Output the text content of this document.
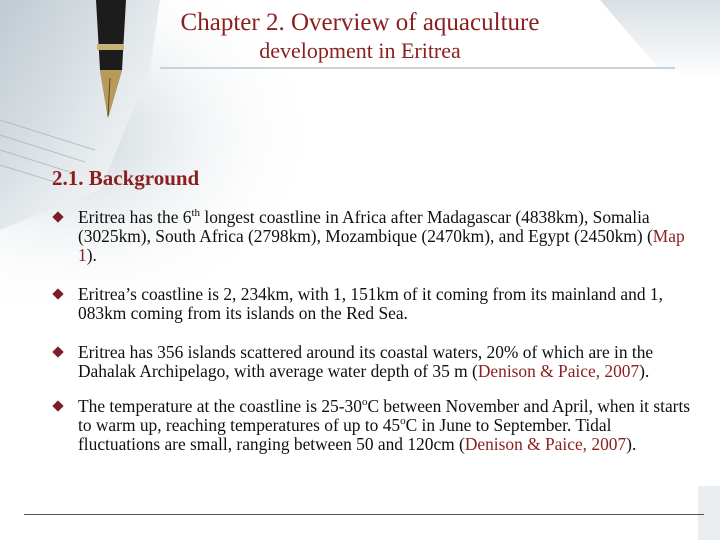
Chapter 2. Overview of aquaculture
development in Eritrea
2.1. Background
Eritrea has the 6th longest coastline in Africa after Madagascar (4838km), Somalia (3025km), South Africa (2798km), Mozambique (2470km), and Egypt (2450km) (Map 1).
Eritrea’s coastline is 2, 234km, with 1, 151km of it coming from its mainland and 1, 083km coming from its islands on the Red Sea.
Eritrea has 356 islands scattered around its coastal waters, 20% of which are in the Dahalak Archipelago, with average water depth of 35 m (Denison & Paice, 2007).
The temperature at the coastline is 25-30$^o$C between November and April, when it starts to warm up, reaching temperatures of up to 45$^o$C in June to September. Tidal fluctuations are small, ranging between 50 and 120cm (Denison & Paice, 2007).
